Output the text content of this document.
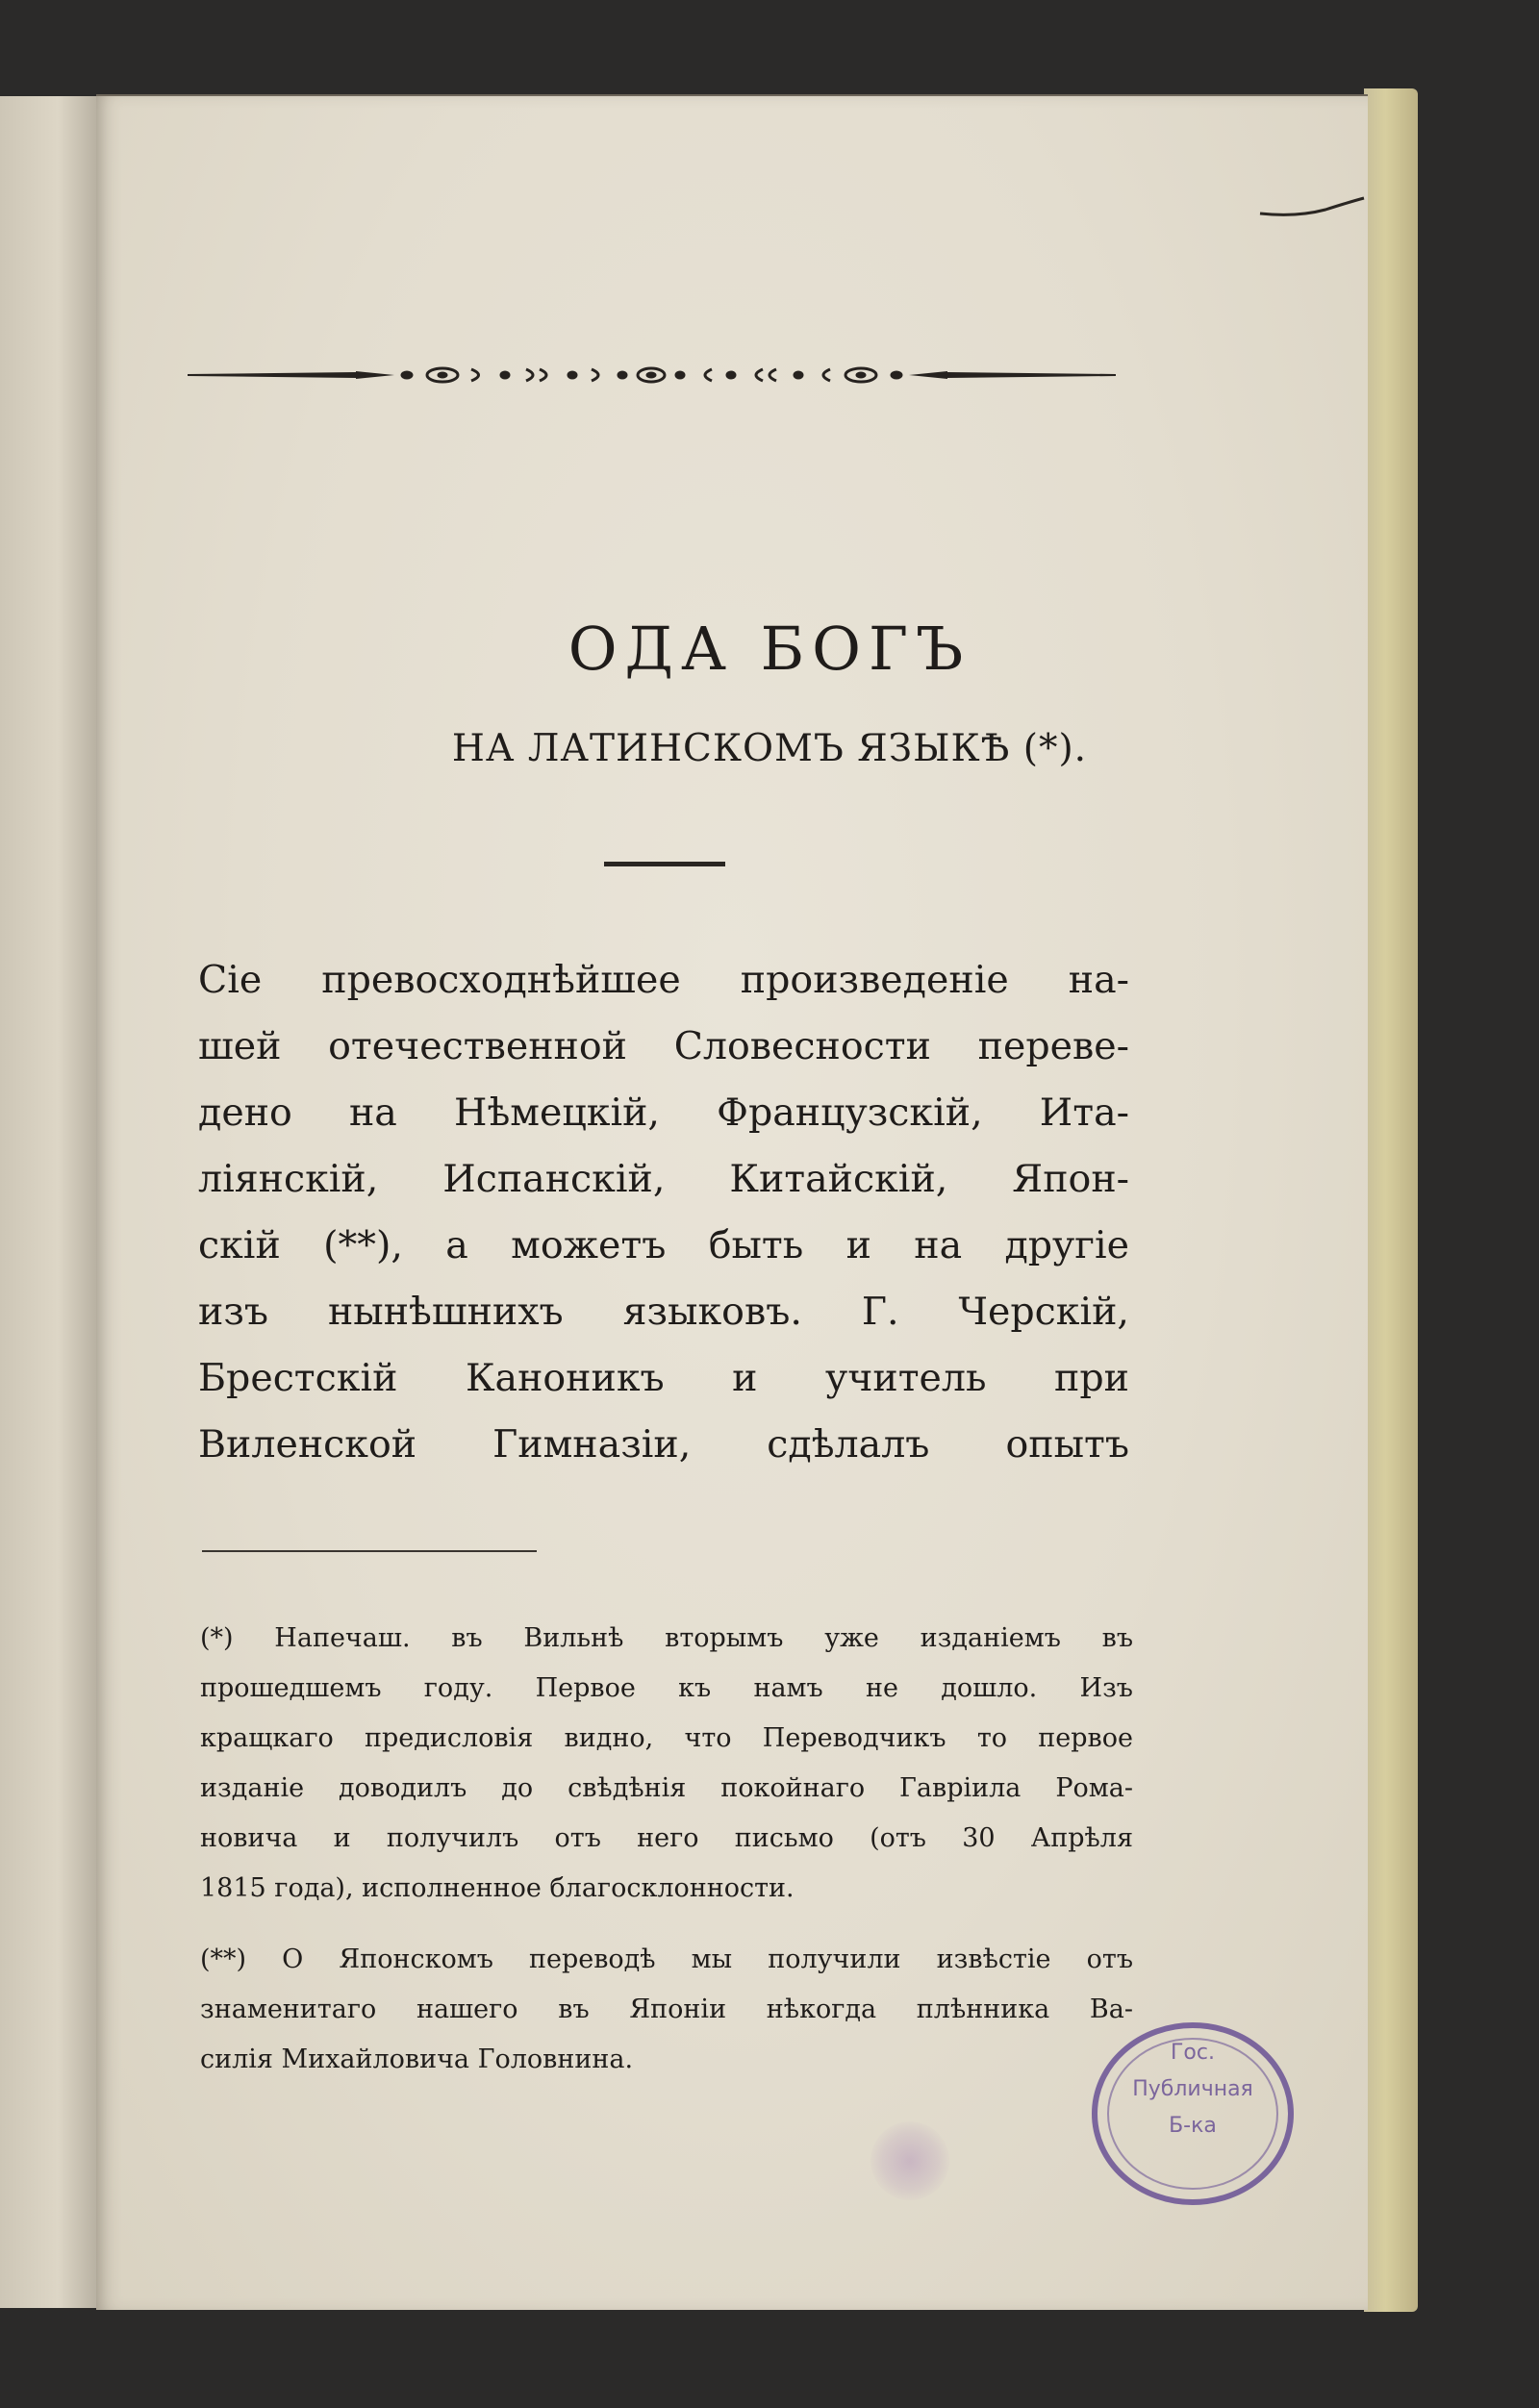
ОДА БОГЪ
НА ЛАТИНСКОМЪ ЯЗЫКѢ (*).
Сіе превосходнѣйшее произведеніе на-
шей отечественной Словесности переве-
дено на Нѣмецкій, Французскій, Ита-
ліянскій, Испанскій, Китайскій, Япон-
скій (**), а можетъ быть и на другіе
изъ нынѣшнихъ языковъ. Г. Черскій,
Брестскій Каноникъ и учитель при
Виленской Гимназіи, сдѣлалъ опытъ
(*) Напечаш. въ Вильнѣ вторымъ уже изданіемъ въ
прошедшемъ году. Первое къ намъ не дошло. Изъ
кращкаго предисловія видно, что Переводчикъ то первое
изданіе доводилъ до свѣдѣнія покойнаго Гавріила Рома-
новича и получилъ отъ него письмо (отъ 30 Апрѣля
1815 года), исполненное благосклонности.
(**) О Японскомъ переводѣ мы получили извѣстіе отъ
знаменитаго нашего въ Японіи нѣкогда плѣнника Ва-
силія Михайловича Головнина.	Гос.
Публичная
Б-ка
